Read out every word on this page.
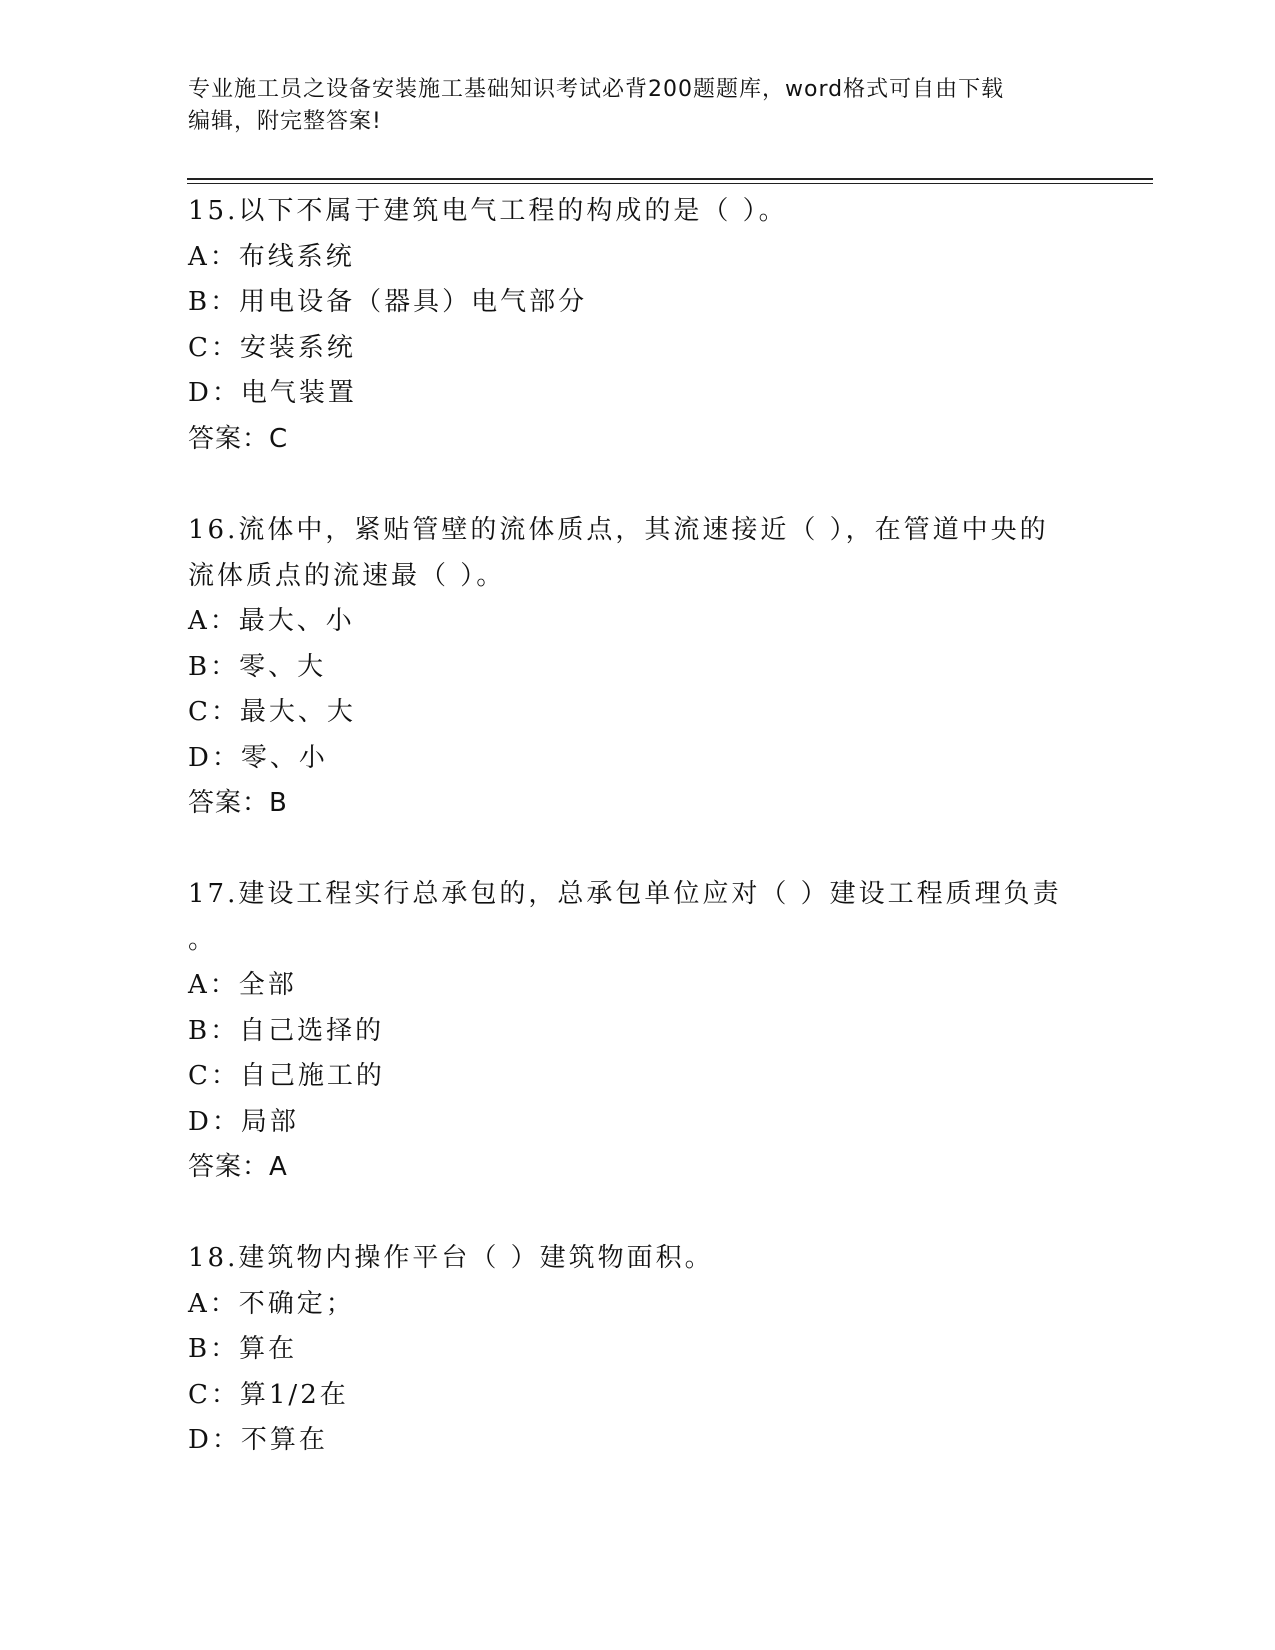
专业施工员之设备安装施工基础知识考试必背200题题库，word格式可自由下载
编辑，附完整答案!
15.以下不属于建筑电气工程的构成的是（ ）。
A：布线系统
B：用电设备（器具）电气部分
C：安装系统
D：电气装置
答案：C
16.流体中，紧贴管壁的流体质点，其流速接近（ ），在管道中央的
流体质点的流速最（ ）。
A：最大、小
B：零、大
C：最大、大
D：零、小
答案：B
17.建设工程实行总承包的，总承包单位应对（ ）建设工程质理负责
。
A：全部
B：自己选择的
C：自己施工的
D：局部
答案：A
18.建筑物内操作平台（ ）建筑物面积。
A：不确定；
B：算在
C：算1/2在
D：不算在
